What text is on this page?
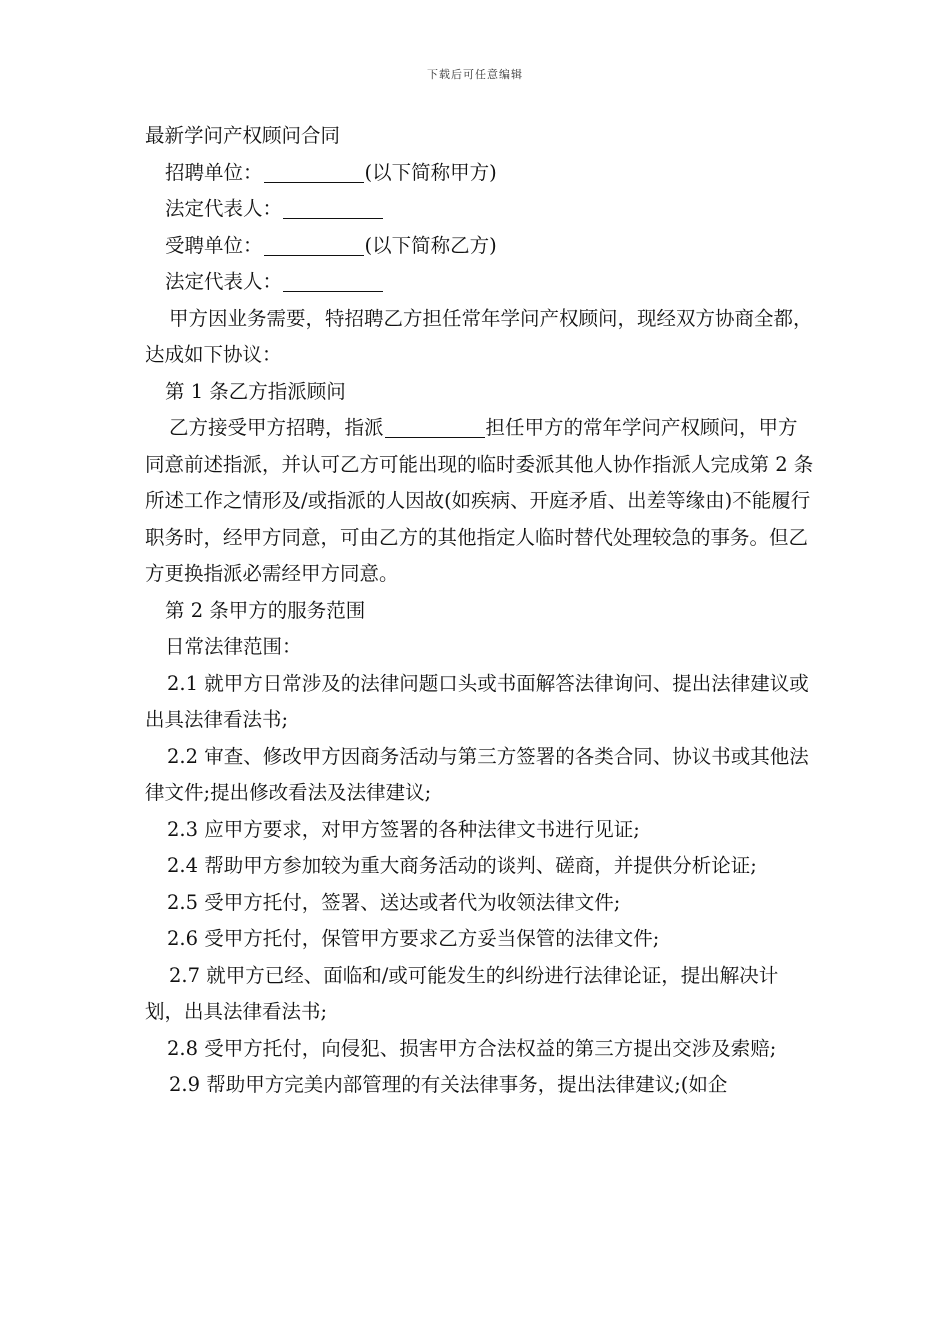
下载后可任意编辑

最新学问产权顾问合同

招聘单位：	(以下简称甲方)

法定代表人：

受聘单位：	(以下简称乙方)

法定代表人：

甲方因业务需要，特招聘乙方担任常年学问产权顾问，现经双方协商全都，达成如下协议：

第 1 条乙方指派顾问

乙方接受甲方招聘，指派	担任甲方的常年学问产权顾问，甲方同意前述指派，并认可乙方可能出现的临时委派其他人协作指派人完成第 2 条所述工作之情形及/或指派的人因故(如疾病、开庭矛盾、出差等缘由)不能履行职务时，经甲方同意，可由乙方的其他指定人临时替代处理较急的事务。但乙方更换指派必需经甲方同意。

第 2 条甲方的服务范围

日常法律范围：

2.1 就甲方日常涉及的法律问题口头或书面解答法律询问、提出法律建议或出具法律看法书;

2.2 审查、修改甲方因商务活动与第三方签署的各类合同、协议书或其他法律文件;提出修改看法及法律建议;

2.3 应甲方要求，对甲方签署的各种法律文书进行见证;

2.4 帮助甲方参加较为重大商务活动的谈判、磋商，并提供分析论证;

2.5 受甲方托付，签署、送达或者代为收领法律文件;

2.6 受甲方托付，保管甲方要求乙方妥当保管的法律文件;

2.7 就甲方已经、面临和/或可能发生的纠纷进行法律论证，提出解决计划，出具法律看法书;

2.8 受甲方托付，向侵犯、损害甲方合法权益的第三方提出交涉及索赔;

2.9 帮助甲方完美内部管理的有关法律事务，提出法律建议;(如企
